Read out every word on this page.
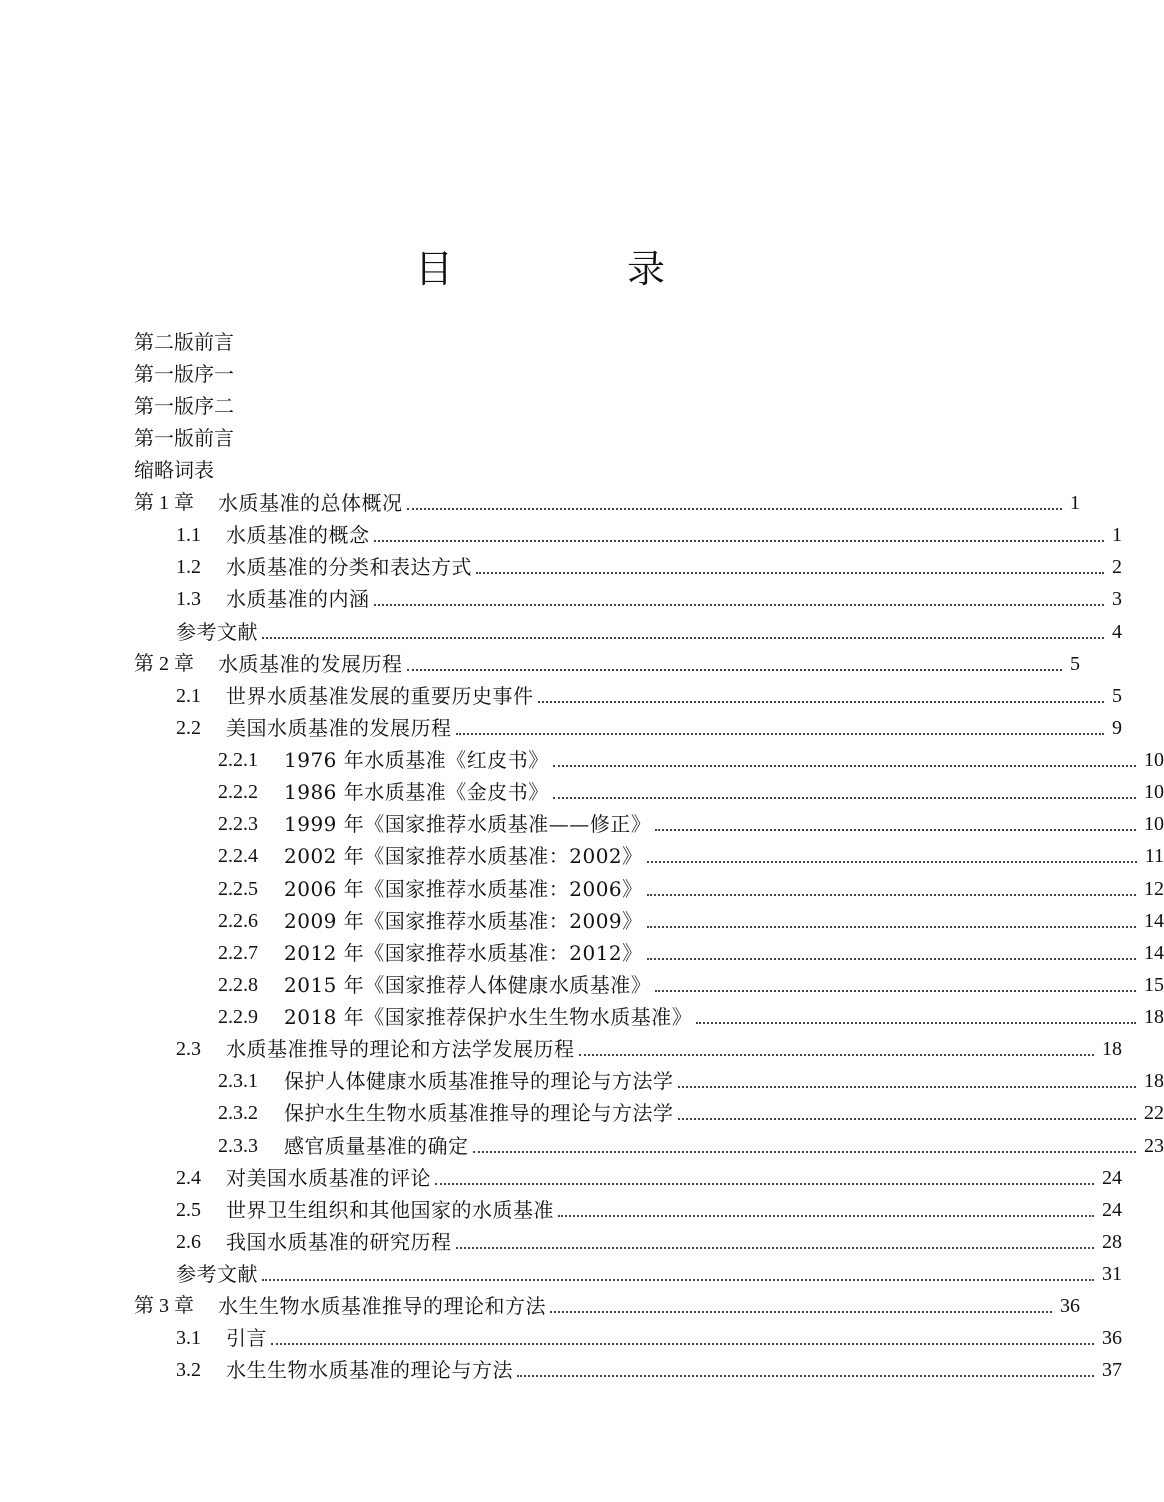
目　录
第二版前言
第一版序一
第一版序二
第一版前言
缩略词表
第 1 章	水质基准的总体概况	1
1.1	水质基准的概念	1
1.2	水质基准的分类和表达方式	2
1.3	水质基准的内涵	3
参考文献	4
第 2 章	水质基准的发展历程	5
2.1	世界水质基准发展的重要历史事件	5
2.2	美国水质基准的发展历程	9
2.2.1	1976 年水质基准《红皮书》	10
2.2.2	1986 年水质基准《金皮书》	10
2.2.3	1999 年《国家推荐水质基准——修正》	10
2.2.4	2002 年《国家推荐水质基准：2002》	11
2.2.5	2006 年《国家推荐水质基准：2006》	12
2.2.6	2009 年《国家推荐水质基准：2009》	14
2.2.7	2012 年《国家推荐水质基准：2012》	14
2.2.8	2015 年《国家推荐人体健康水质基准》	15
2.2.9	2018 年《国家推荐保护水生生物水质基准》	18
2.3	水质基准推导的理论和方法学发展历程	18
2.3.1	保护人体健康水质基准推导的理论与方法学	18
2.3.2	保护水生生物水质基准推导的理论与方法学	22
2.3.3	感官质量基准的确定	23
2.4	对美国水质基准的评论	24
2.5	世界卫生组织和其他国家的水质基准	24
2.6	我国水质基准的研究历程	28
参考文献	31
第 3 章	水生生物水质基准推导的理论和方法	36
3.1	引言	36
3.2	水生生物水质基准的理论与方法	37
